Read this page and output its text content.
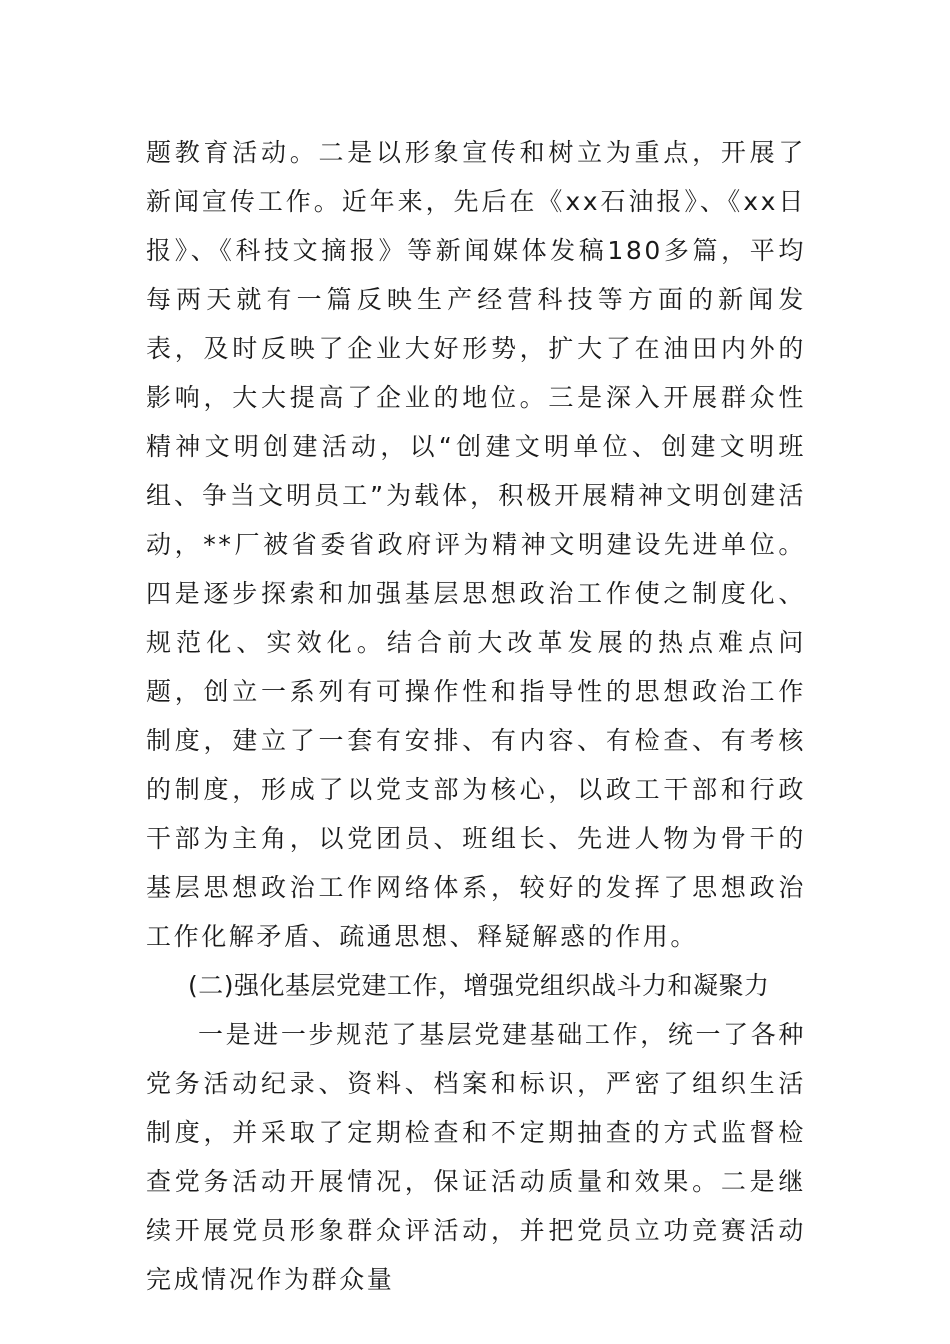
题教育活动。二是以形象宣传和树立为重点，开展了新闻宣传工作。近年来，先后在《xx石油报》、《xx日报》、《科技文摘报》等新闻媒体发稿180多篇，平均每两天就有一篇反映生产经营科技等方面的新闻发表，及时反映了企业大好形势，扩大了在油田内外的影响，大大提高了企业的地位。三是深入开展群众性精神文明创建活动，以“创建文明单位、创建文明班组、争当文明员工”为载体，积极开展精神文明创建活动，**厂被省委省政府评为精神文明建设先进单位。四是逐步探索和加强基层思想政治工作使之制度化、规范化、实效化。结合前大改革发展的热点难点问题，创立一系列有可操作性和指导性的思想政治工作制度，建立了一套有安排、有内容、有检查、有考核的制度，形成了以党支部为核心，以政工干部和行政干部为主角，以党团员、班组长、先进人物为骨干的基层思想政治工作网络体系，较好的发挥了思想政治工作化解矛盾、疏通思想、释疑解惑的作用。

(二)强化基层党建工作，增强党组织战斗力和凝聚力

一是进一步规范了基层党建基础工作，统一了各种党务活动纪录、资料、档案和标识，严密了组织生活制度，并采取了定期检查和不定期抽查的方式监督检查党务活动开展情况，保证活动质量和效果。二是继续开展党员形象群众评活动，并把党员立功竞赛活动完成情况作为群众量
